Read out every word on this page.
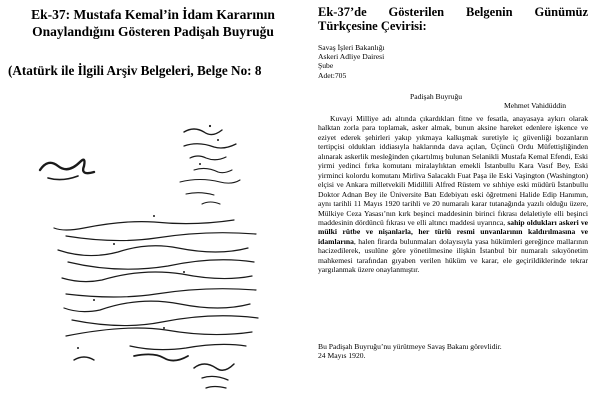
Ek-37: Mustafa Kemal’in İdam Kararının
Onaylandığını Gösteren Padişah Buyruğu
(Atatürk ile İlgili Arşiv Belgeleri, Belge No: 8
Ek-37’de Gösterilen Belgenin Günümüz
Türkçesine Çevirisi:
Savaş İşleri Bakanlığı
Askeri Adliye Dairesi
Şube
Adet:705
Padişah Buyruğu
Mehmet Vahidüddin
Kuvayi Milliye adı altında çıkardıkları fitne ve fesatla, anayasaya aykırı olarak halktan zorla para toplamak, asker almak, bunun aksine hareket edenlere işkence ve eziyet ederek şehirleri yakıp yıkmaya kalkışmak suretiyle iç güvenliği bozanların tertipçisi oldukları iddiasıyla haklarında dava açılan, Üçüncü Ordu Müfettişliğinden alınarak askerlik mesleğinden çıkartılmış bulunan Selanikli Mustafa Kemal Efendi, Eski yirmi yedinci fırka komutanı miralaylıktan emekli İstanbullu Kara Vasıf Bey, Eski yirminci kolordu komutanı Mirliva Salacaklı Fuat Paşa ile Eski Vaşington (Washington) elçisi ve Ankara milletvekili Midillili Alfred Rüstem ve sıhhiye eski müdürü İstanbullu Doktor Adnan Bey ile Üniversite Batı Edebiyatı eski öğretmeni Halide Edip Hanımın, aynı tarihli 11 Mayıs 1920 tarihli ve 20 numaralı karar tutanağında yazılı olduğu üzere, Mülkiye Ceza Yasası’nın kırk beşinci maddesinin birinci fıkrası delaletiyle elli beşinci maddesinin dördüncü fıkrası ve elli altıncı maddesi uyarınca, sahip oldukları askeri ve mülki rütbe ve nişanlarla, her türlü resmi unvanlarının kaldırılmasına ve idamlarına, halen firarda bulunmaları dolayısıyla yasa hükümleri gereğince mallarının hacizedilerek, usulüne göre yönetilmesine ilişkin İstanbul bir numaralı sıkıyönetim mahkemesi tarafından gıyaben verilen hüküm ve karar, ele geçirildiklerinde tekrar yargılanmak üzere onaylanmıştır.
Bu Padişah Buyruğu’nu yürütmeye Savaş Bakanı görevlidir.
24 Mayıs 1920.
